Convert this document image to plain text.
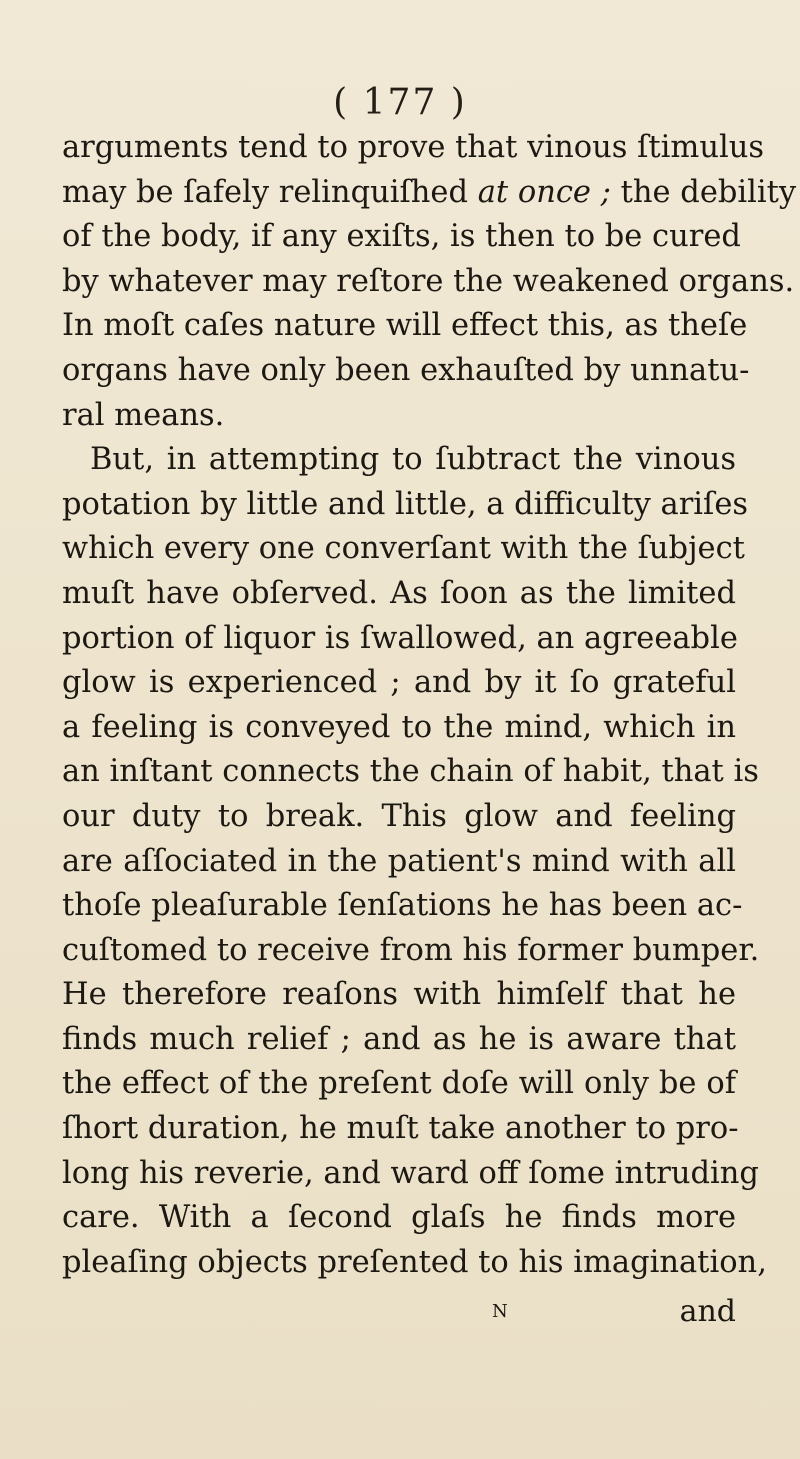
( 177 )
arguments tend to prove that vinous ſtimulus
may be ſafely relinquiſhed at once ; the debility
of the body, if any exiſts, is then to be cured
by whatever may reſtore the weakened organs.
In moſt caſes nature will effect this, as theſe
organs have only been exhauſted by unnatu-
ral means.
But, in attempting to ſubtract the vinous
potation by little and little, a difficulty ariſes
which every one converſant with the ſubject
muſt have obſerved. As ſoon as the limited
portion of liquor is ſwallowed, an agreeable
glow is experienced ; and by it ſo grateful
a feeling is conveyed to the mind, which in
an inſtant connects the chain of habit, that is
our duty to break. This glow and feeling
are aſſociated in the patient's mind with all
thoſe pleaſurable ſenſations he has been ac-
cuſtomed to receive from his former bumper.
He therefore reaſons with himſelf that he
finds much relief ; and as he is aware that
the effect of the preſent doſe will only be of
ſhort duration, he muſt take another to pro-
long his reverie, and ward off ſome intruding
care. With a ſecond glaſs he finds more
pleaſing objects preſented to his imagination,
N	and
